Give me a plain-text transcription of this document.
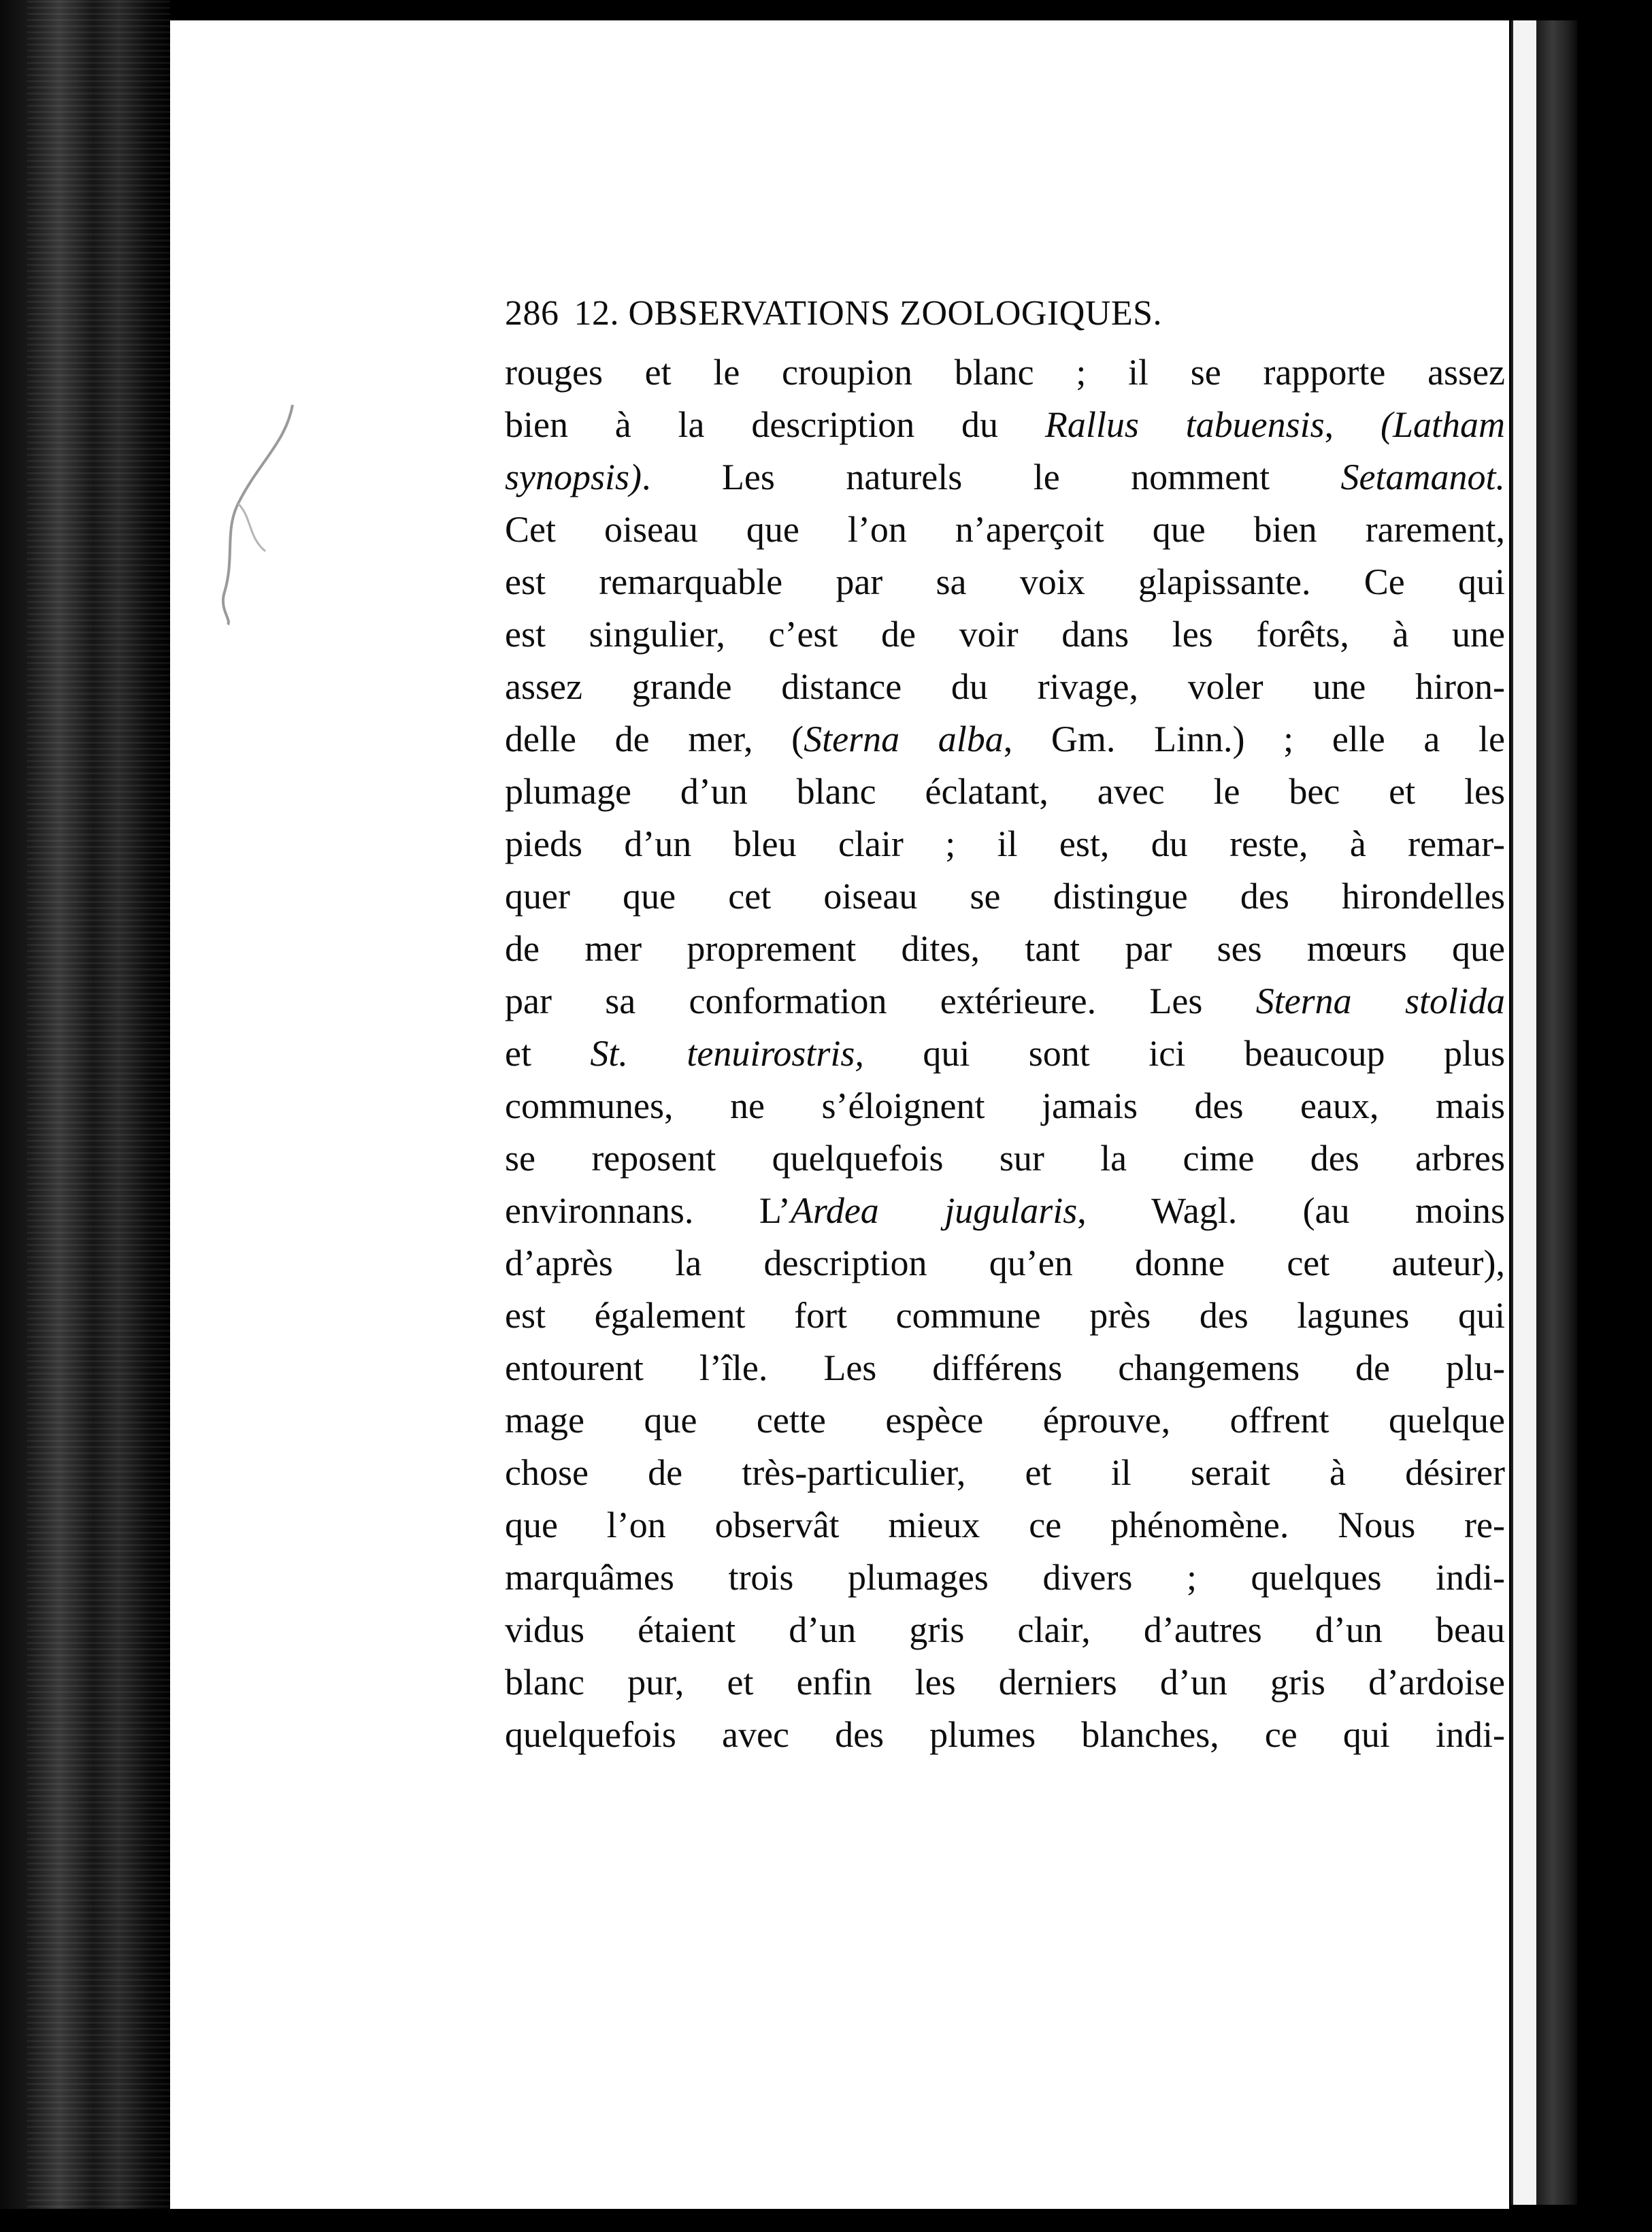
286 12. OBSERVATIONS ZOOLOGIQUES.
rouges et le croupion blanc ; il se rapporte assez
bien à la description du Rallus tabuensis, (Latham
synopsis). Les naturels le nomment Setamanot.
Cet oiseau que l’on n’aperçoit que bien rarement,
est remarquable par sa voix glapissante. Ce qui
est singulier, c’est de voir dans les forêts, à une
assez grande distance du rivage, voler une hiron-
delle de mer, (Sterna alba, Gm. Linn.) ; elle a le
plumage d’un blanc éclatant, avec le bec et les
pieds d’un bleu clair ; il est, du reste, à remar-
quer que cet oiseau se distingue des hirondelles
de mer proprement dites, tant par ses mœurs que
par sa conformation extérieure. Les Sterna stolida
et St. tenuirostris, qui sont ici beaucoup plus
communes, ne s’éloignent jamais des eaux, mais
se reposent quelquefois sur la cime des arbres
environnans. L’Ardea jugularis, Wagl. (au moins
d’après la description qu’en donne cet auteur),
est également fort commune près des lagunes qui
entourent l’île. Les différens changemens de plu-
mage que cette espèce éprouve, offrent quelque
chose de très-particulier, et il serait à désirer
que l’on observât mieux ce phénomène. Nous re-
marquâmes trois plumages divers ; quelques indi-
vidus étaient d’un gris clair, d’autres d’un beau
blanc pur, et enfin les derniers d’un gris d’ardoise
quelquefois avec des plumes blanches, ce qui indi-
